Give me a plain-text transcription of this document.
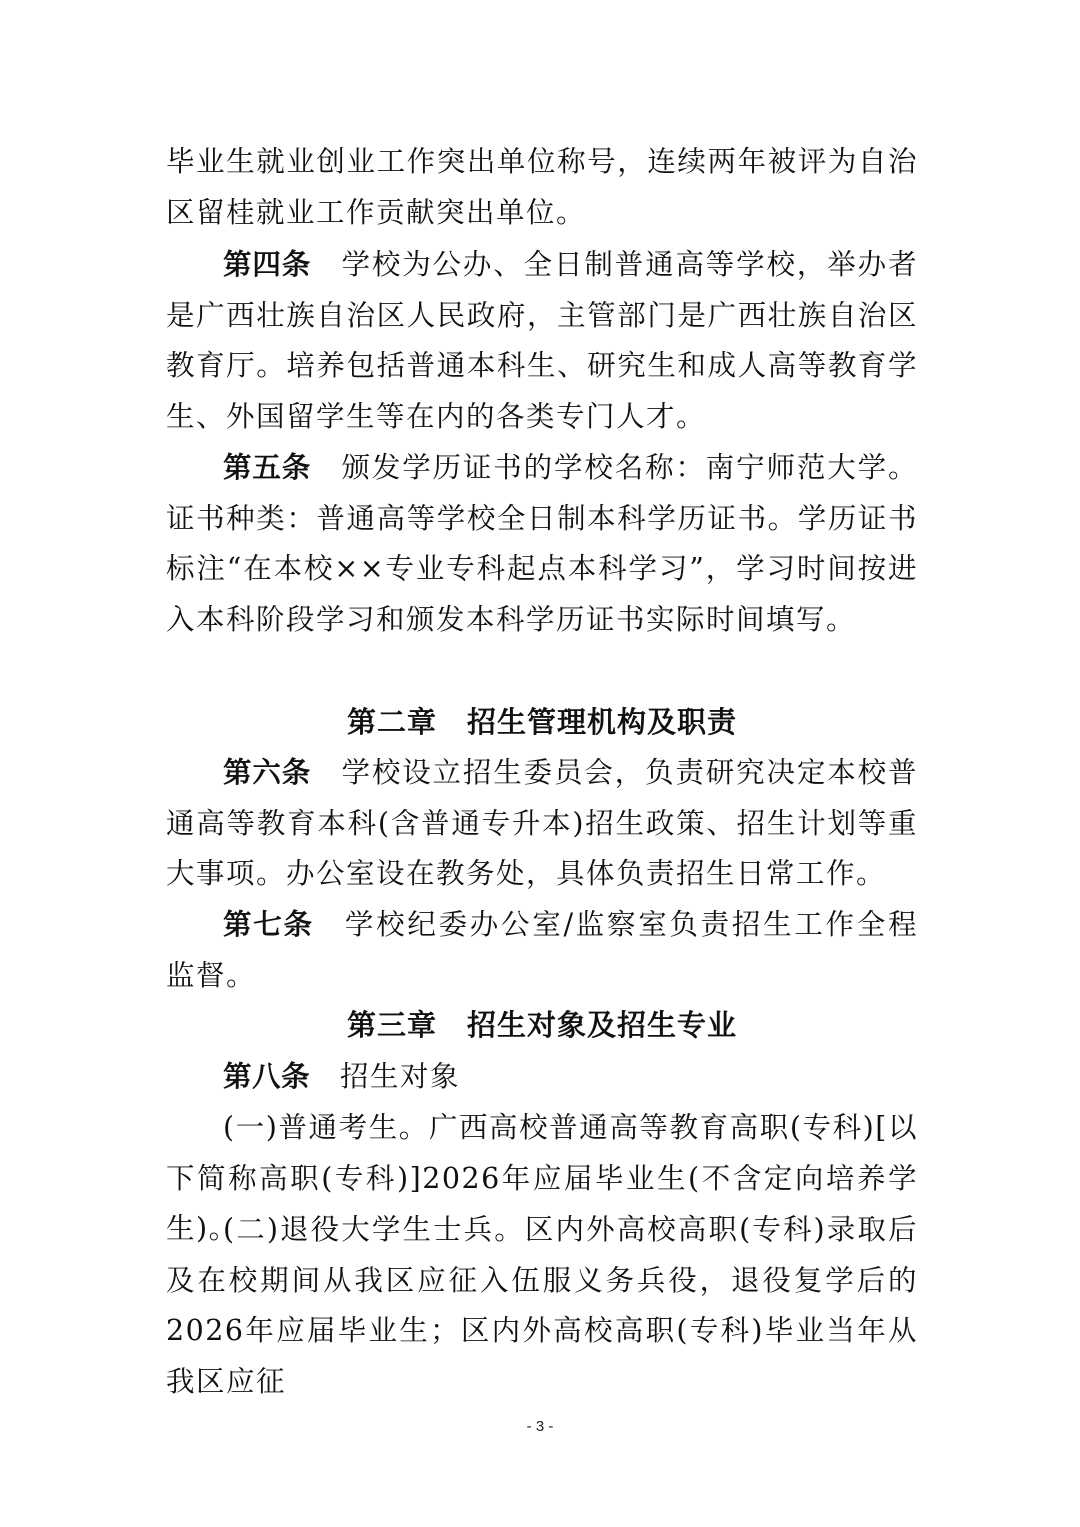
毕业生就业创业工作突出单位称号，连续两年被评为自治区留桂就业工作贡献突出单位。

第四条　 学校为公办、全日制普通高等学校，举办者是广西壮族自治区人民政府，主管部门是广西壮族自治区教育厅。培养包括普通本科生、研究生和成人高等教育学生、外国留学生等在内的各类专门人才。

第五条　 颁发学历证书的学校名称：南宁师范大学。证书种类：普通高等学校全日制本科学历证书。学历证书标注“在本校××专业专科起点本科学习”，学习时间按进入本科阶段学习和颁发本科学历证书实际时间填写。

第二章　招生管理机构及职责

第六条　 学校设立招生委员会，负责研究决定本校普通高等教育本科(含普通专升本)招生政策、招生计划等重大事项。办公室设在教务处，具体负责招生日常工作。

第七条　 学校纪委办公室/监察室负责招生工作全程监督。

第三章　招生对象及招生专业

第八条　 招生对象

(一)普通考生。广西高校普通高等教育高职(专科)[以下简称高职(专科)]2026年应届毕业生(不含定向培养学生)。

(二)退役大学生士兵。区内外高校高职(专科)录取后及在校期间从我区应征入伍服义务兵役，退役复学后的2026年应届毕业生；区内外高校高职(专科)毕业当年从我区应征

- 3 -
